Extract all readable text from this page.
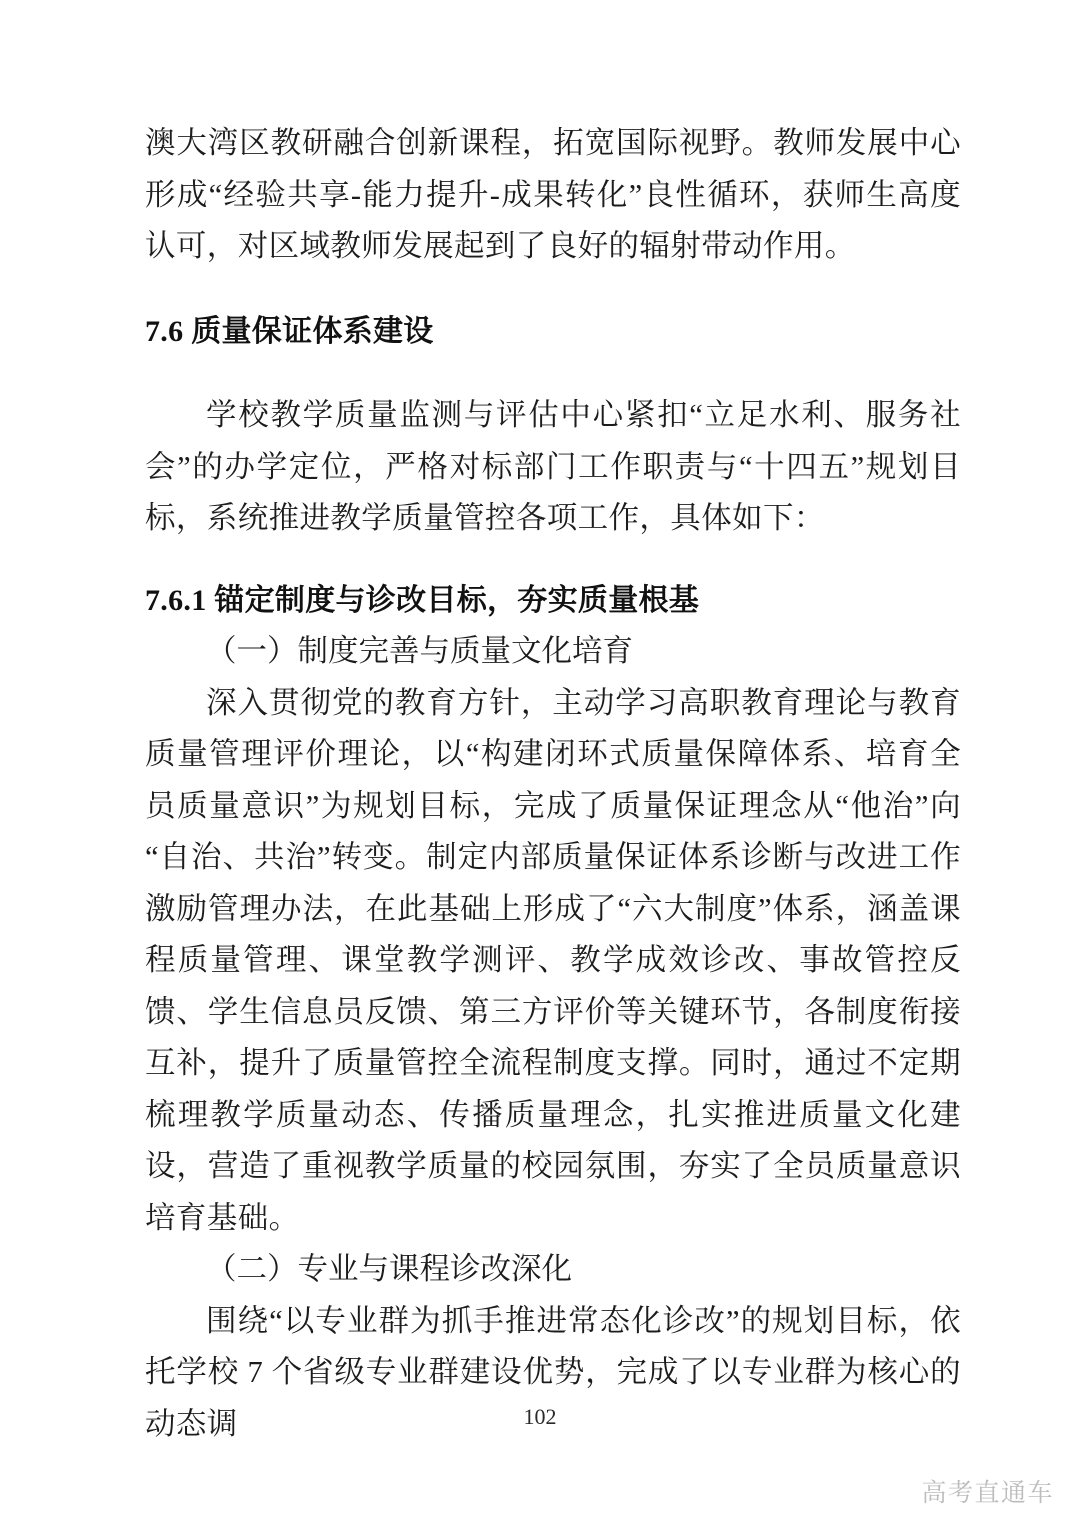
澳大湾区教研融合创新课程，拓宽国际视野。教师发展中心形成“经验共享-能力提升-成果转化”良性循环，获师生高度认可，对区域教师发展起到了良好的辐射带动作用。

7.6 质量保证体系建设

学校教学质量监测与评估中心紧扣“立足水利、服务社会”的办学定位，严格对标部门工作职责与“十四五”规划目标，系统推进教学质量管控各项工作，具体如下：

7.6.1 锚定制度与诊改目标，夯实质量根基

（一）制度完善与质量文化培育

深入贯彻党的教育方针，主动学习高职教育理论与教育质量管理评价理论，以“构建闭环式质量保障体系、培育全员质量意识”为规划目标，完成了质量保证理念从“他治”向“自治、共治”转变。制定内部质量保证体系诊断与改进工作激励管理办法，在此基础上形成了“六大制度”体系，涵盖课程质量管理、课堂教学测评、教学成效诊改、事故管控反馈、学生信息员反馈、第三方评价等关键环节，各制度衔接互补，提升了质量管控全流程制度支撑。同时，通过不定期梳理教学质量动态、传播质量理念，扎实推进质量文化建设，营造了重视教学质量的校园氛围，夯实了全员质量意识培育基础。

（二）专业与课程诊改深化

围绕“以专业群为抓手推进常态化诊改”的规划目标，依托学校 7 个省级专业群建设优势，完成了以专业群为核心的动态调	102
高考直通车
